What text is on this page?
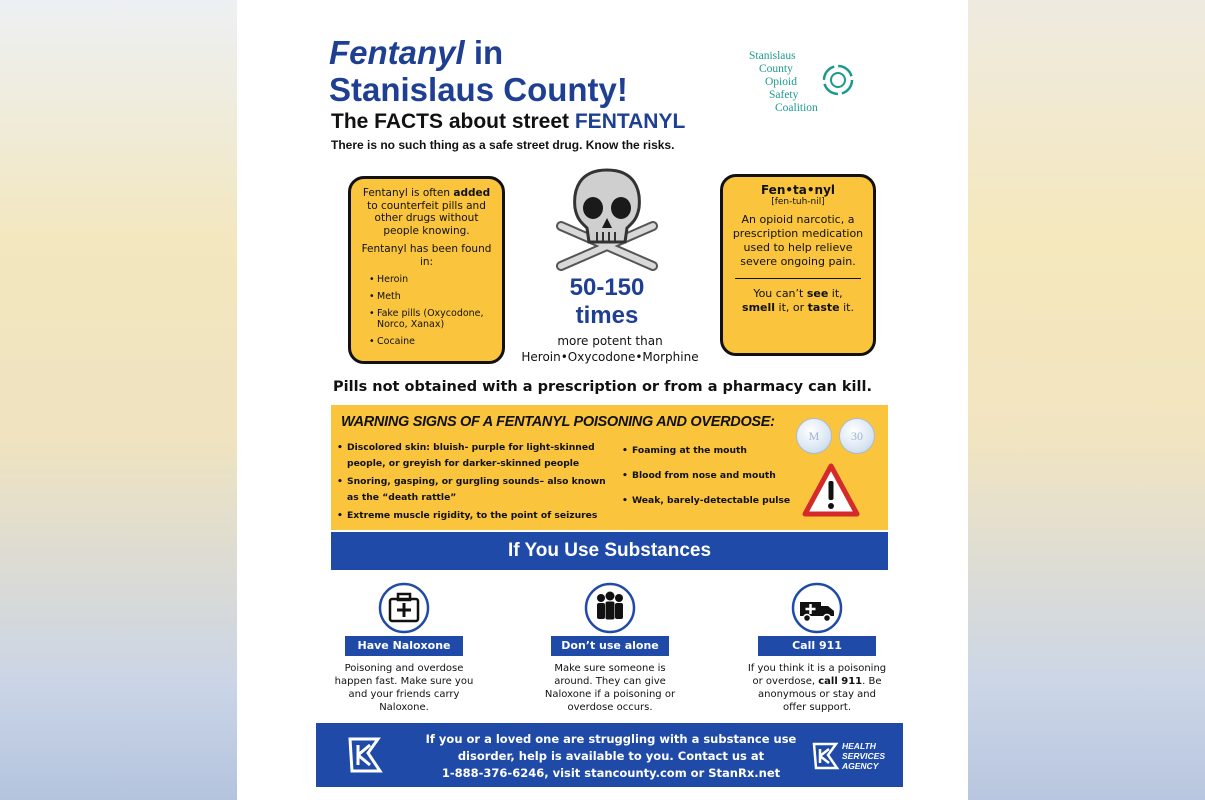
Fentanyl in
Stanislaus County!
The FACTS about street FENTANYL
There is no such thing as a safe street drug. Know the risks.
Stanislaus
County
Opioid
Safety
Coalition

Fentanyl is often added to counterfeit pills and other drugs without people knowing.

Fentanyl has been found in:

• Heroin
• Meth
• Fake pills (Oxycodone, Norco, Xanax)
• Cocaine
50-150
times
more potent than
Heroin•Oxycodone•Morphine
Fen•ta•nyl
[fen-tuh-nil]
An opioid narcotic, a prescription medication used to help relieve severe ongoing pain.
You can’t see it,
smell it, or taste it.
Pills not obtained with a prescription or from a pharmacy can kill.
WARNING SIGNS OF A FENTANYL POISONING AND OVERDOSE:
• Discolored skin: bluish- purple for light-skinned people, or greyish for darker-skinned people
• Snoring, gasping, or gurgling sounds– also known as the “death rattle”
• Extreme muscle rigidity, to the point of seizures
• Foaming at the mouth
• Blood from nose and mouth
• Weak, barely-detectable pulse
M	30
If You Use Substances
Have Naloxone
Poisoning and overdose happen fast. Make sure you and your friends carry Naloxone.
Don’t use alone
Make sure someone is around. They can give Naloxone if a poisoning or overdose occurs.
Call 911
If you think it is a poisoning or overdose, call 911. Be anonymous or stay and offer support.
If you or a loved one are struggling with a substance use
disorder, help is available to you. Contact us at
1-888-376-6246, visit stancounty.com or StanRx.net
HEALTH
SERVICES
AGENCY
